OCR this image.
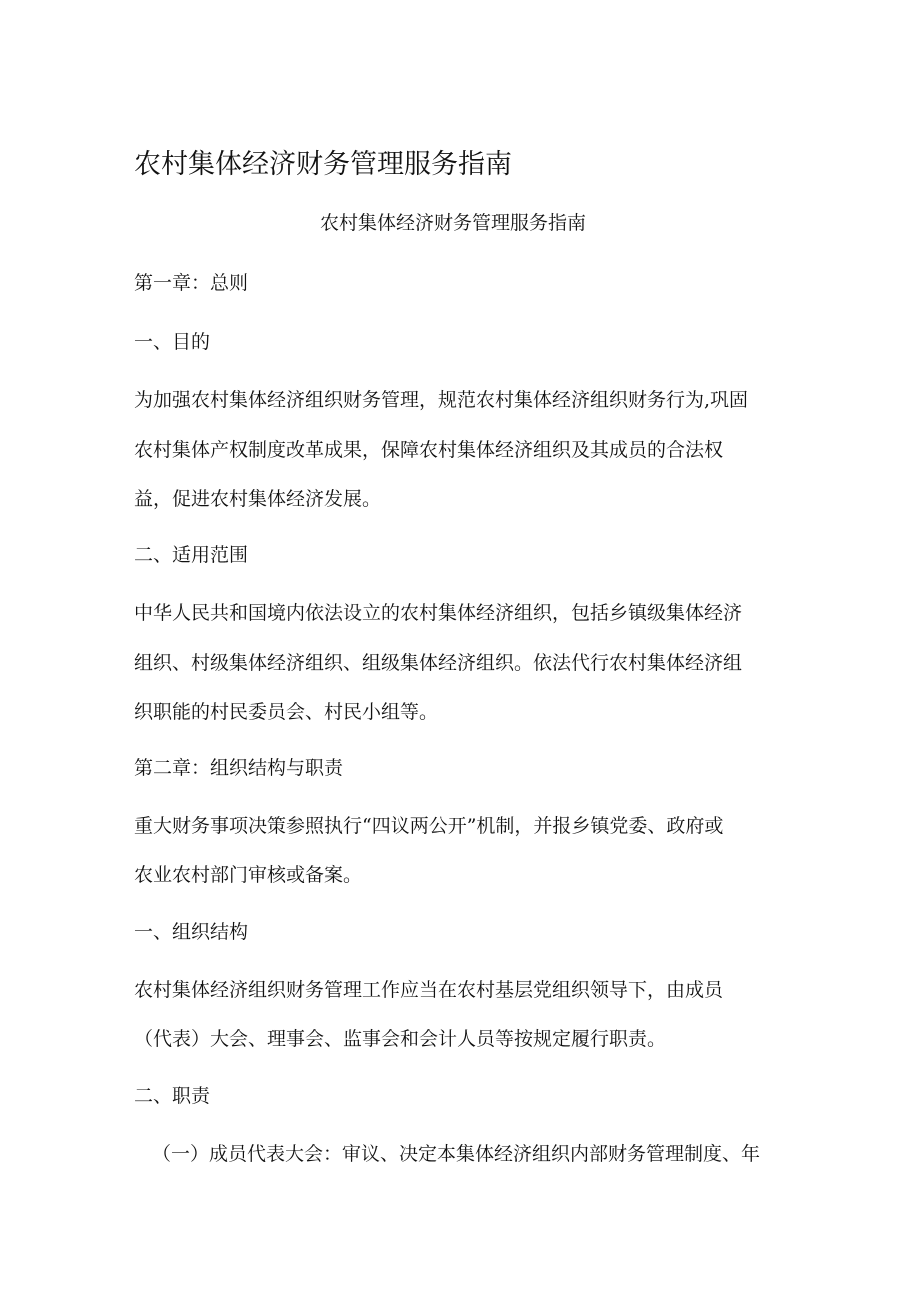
农村集体经济财务管理服务指南
农村集体经济财务管理服务指南

第一章：总则

一、目的

为加强农村集体经济组织财务管理，规范农村集体经济组织财务行为,巩固

农村集体产权制度改革成果，保障农村集体经济组织及其成员的合法权

益，促进农村集体经济发展。

二、适用范围

中华人民共和国境内依法设立的农村集体经济组织，包括乡镇级集体经济

组织、村级集体经济组织、组级集体经济组织。依法代行农村集体经济组

织职能的村民委员会、村民小组等。

第二章：组织结构与职责

重大财务事项决策参照执行“四议两公开”机制，并报乡镇党委、政府或

农业农村部门审核或备案。

一、组织结构

农村集体经济组织财务管理工作应当在农村基层党组织领导下，由成员

（代表）大会、理事会、监事会和会计人员等按规定履行职责。

二、职责

（一）成员代表大会：审议、决定本集体经济组织内部财务管理制度、年
